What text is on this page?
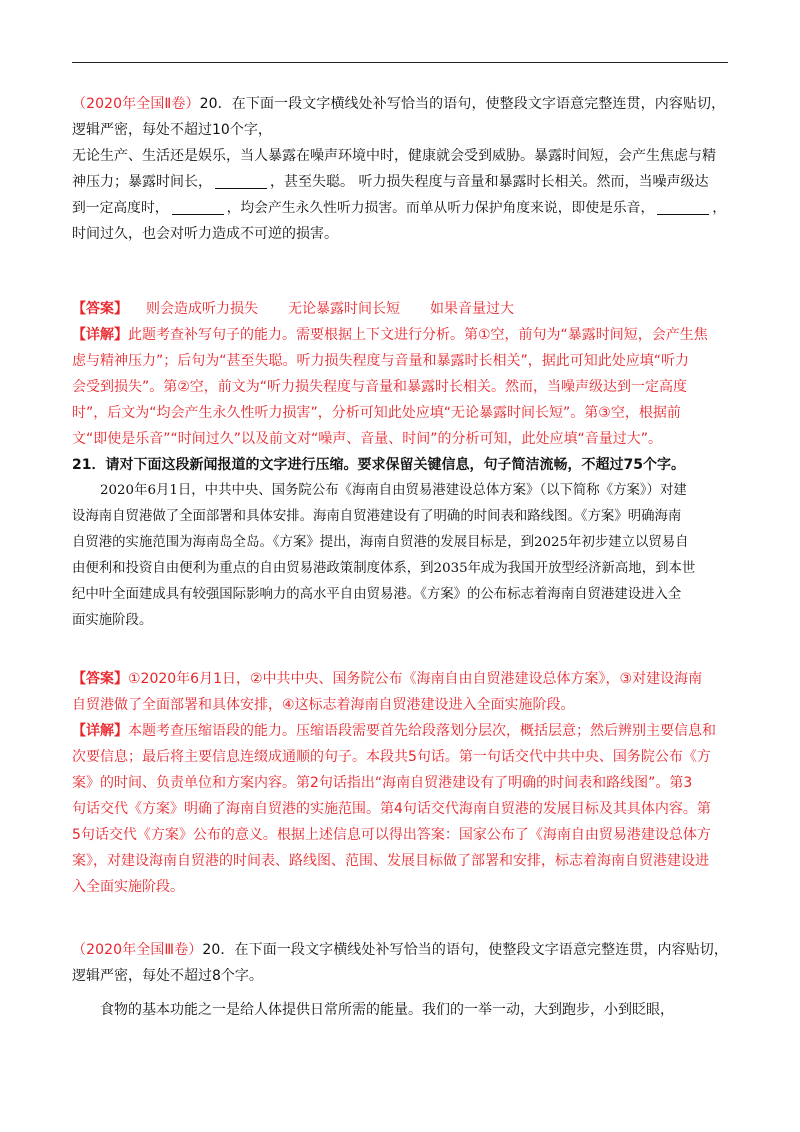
（2020年全国Ⅱ卷）20．在下面一段文字横线处补写恰当的语句，使整段文字语意完整连贯，内容贴切，
逻辑严密，每处不超过10个字，
无论生产、生活还是娱乐，当人暴露在噪声环境中时，健康就会受到威胁。暴露时间短，会产生焦虑与精
神压力；暴露时间长，	，甚至失聪。 听力损失程度与音量和暴露时长相关。然而，当噪声级达
到一定高度时，	，均会产生永久性听力损害。而单从听力保护角度来说，即使是乐音，	，
时间过久，也会对听力造成不可逆的损害。
【答案】 则会造成听力损失 无论暴露时间长短 如果音量过大
【详解】此题考查补写句子的能力。需要根据上下文进行分析。第①空，前句为“暴露时间短，会产生焦
虑与精神压力”；后句为“甚至失聪。听力损失程度与音量和暴露时长相关”，据此可知此处应填“听力
会受到损失”。第②空，前文为“听力损失程度与音量和暴露时长相关。然而，当噪声级达到一定高度
时”，后文为“均会产生永久性听力损害”，分析可知此处应填“无论暴露时间长短”。第③空，根据前
文“即使是乐音”“时间过久”以及前文对“噪声、音量、时间”的分析可知，此处应填“音量过大”。
21．请对下面这段新闻报道的文字进行压缩。要求保留关键信息，句子简洁流畅，不超过75个字。
2020年6月1日，中共中央、国务院公布《海南自由贸易港建设总体方案》（以下简称《方案》）对建
设海南自贸港做了全面部署和具体安排。海南自贸港建设有了明确的时间表和路线图。《方案》明确海南
自贸港的实施范围为海南岛全岛。《方案》提出，海南自贸港的发展目标是，到2025年初步建立以贸易自
由便利和投资自由便利为重点的自由贸易港政策制度体系，到2035年成为我国开放型经济新高地，到本世
纪中叶全面建成具有较强国际影响力的高水平自由贸易港。《方案》的公布标志着海南自贸港建设进入全
面实施阶段。
【答案】①2020年6月1日，②中共中央、国务院公布《海南自由自贸港建设总体方案》，③对建设海南
自贸港做了全面部署和具体安排，④这标志着海南自贸港建设进入全面实施阶段。
【详解】本题考查压缩语段的能力。压缩语段需要首先给段落划分层次，概括层意；然后辨别主要信息和
次要信息；最后将主要信息连缀成通顺的句子。本段共5句话。第一句话交代中共中央、国务院公布《方
案》的时间、负责单位和方案内容。第2句话指出“海南自贸港建设有了明确的时间表和路线图”。第3
句话交代《方案》明确了海南自贸港的实施范围。第4句话交代海南自贸港的发展目标及其具体内容。第
5句话交代《方案》公布的意义。根据上述信息可以得出答案：国家公布了《海南自由贸易港建设总体方
案》，对建设海南自贸港的时间表、路线图、范围、发展目标做了部署和安排，标志着海南自贸港建设进
入全面实施阶段。
（2020年全国Ⅲ卷）20．在下面一段文字横线处补写恰当的语句，使整段文字语意完整连贯，内容贴切，
逻辑严密，每处不超过8个字。
食物的基本功能之一是给人体提供日常所需的能量。我们的一举一动，大到跑步，小到眨眼，
